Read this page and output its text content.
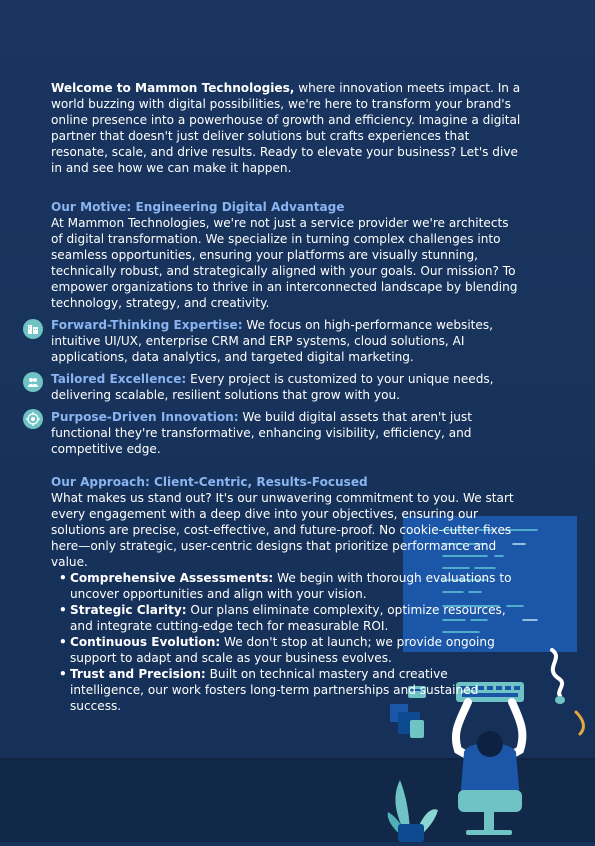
Welcome to Mammon Technologies, where innovation meets impact. In a world buzzing with digital possibilities, we're here to transform your brand's online presence into a powerhouse of growth and efficiency. Imagine a digital partner that doesn't just deliver solutions but crafts experiences that resonate, scale, and drive results. Ready to elevate your business? Let's dive in and see how we can make it happen.

Our Motive: Engineering Digital Advantage

At Mammon Technologies, we're not just a service provider we're architects of digital transformation. We specialize in turning complex challenges into seamless opportunities, ensuring your platforms are visually stunning, technically robust, and strategically aligned with your goals. Our mission? To empower organizations to thrive in an interconnected landscape by blending technology, strategy, and creativity.

Forward-Thinking Expertise: We focus on high-performance websites, intuitive UI/UX, enterprise CRM and ERP systems, cloud solutions, AI applications, data analytics, and targeted digital marketing.

Tailored Excellence: Every project is customized to your unique needs, delivering scalable, resilient solutions that grow with you.

Purpose-Driven Innovation: We build digital assets that aren't just functional they're transformative, enhancing visibility, efficiency, and competitive edge.

Our Approach: Client-Centric, Results-Focused

What makes us stand out? It's our unwavering commitment to you. We start every engagement with a deep dive into your objectives, ensuring our solutions are precise, cost-effective, and future-proof. No cookie-cutter fixes here—only strategic, user-centric designs that prioritize performance and value.

• Comprehensive Assessments: We begin with thorough evaluations to uncover opportunities and align with your vision.
• Strategic Clarity: Our plans eliminate complexity, optimize resources, and integrate cutting-edge tech for measurable ROI.
• Continuous Evolution: We don't stop at launch; we provide ongoing support to adapt and scale as your business evolves.
• Trust and Precision: Built on technical mastery and creative intelligence, our work fosters long-term partnerships and sustained success.
